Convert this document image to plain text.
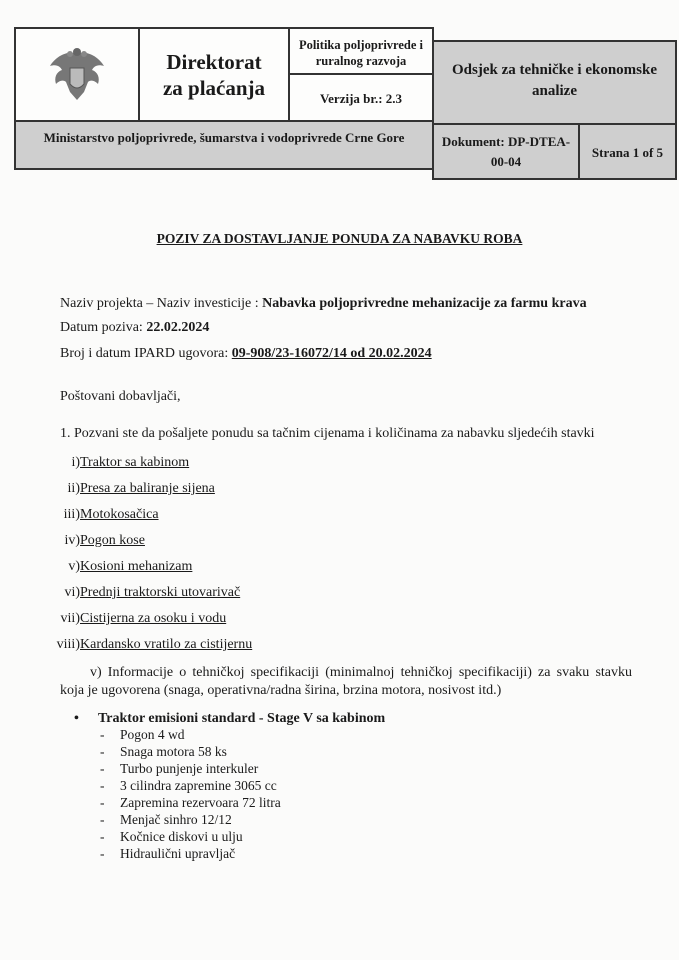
Direktorat
za plaćanja
Politika poljoprivrede i ruralnog razvoja
Verzija br.: 2.3
Odsjek za tehničke i ekonomske analize
Ministarstvo poljoprivrede, šumarstva i vodoprivrede Crne Gore	Dokument: DP-DTEA-00-04
Strana 1 of 5
POZIV ZA DOSTAVLJANJE PONUDA ZA NABAVKU ROBA
Naziv projekta – Naziv investicije : Nabavka poljoprivredne mehanizacije za farmu krava
Datum poziva: 22.02.2024
Broj i datum IPARD ugovora: 09-908/23-16072/14 od 20.02.2024
Poštovani dobavljači,
1. Pozvani ste da pošaljete ponudu sa tačnim cijenama i količinama za nabavku sljedećih stavki
i)Traktor sa kabinom
ii)Presa za baliranje sijena
iii)Motokosačica
iv)Pogon kose
v)Kosioni mehanizam
vi)Prednji traktorski utovarivač
vii)Cistijerna za osoku i vodu
viii)Kardansko vratilo za cistijernu
v) Informacije o tehničkoj specifikaciji (minimalnoj tehničkoj specifikaciji) za svaku stavku koja je ugovorena (snaga, operativna/radna širina, brzina motora, nosivost itd.)
• Traktor emisioni standard - Stage V sa kabinom
- Pogon 4 wd
- Snaga motora 58 ks
- Turbo punjenje interkuler
- 3 cilindra zapremine 3065 cc
- Zapremina rezervoara 72 litra
- Menjač sinhro 12/12
- Kočnice diskovi u ulju
- Hidraulični upravljač
